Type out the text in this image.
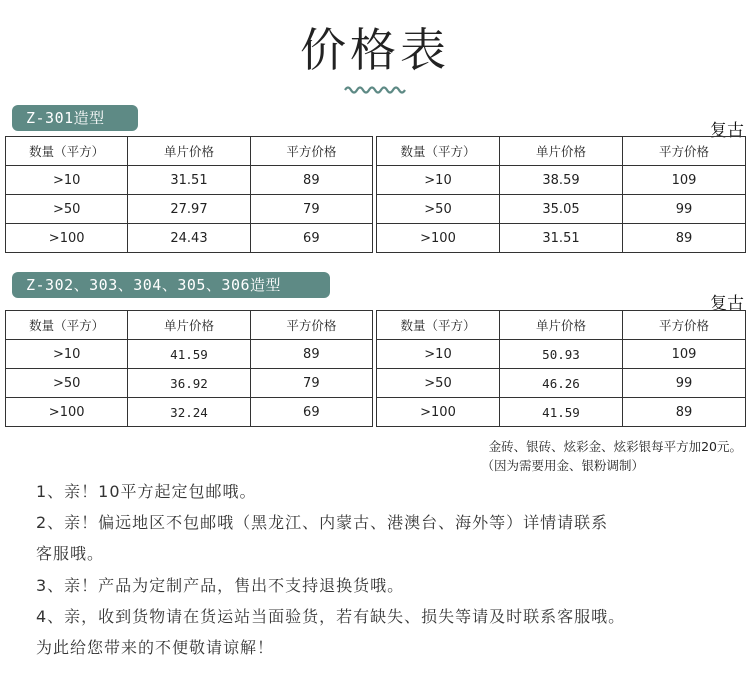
价格表
Z-301造型
复古
数量（平方）	单片价格	平方价格
>10	31.51	89
>50	27.97	79
>100	24.43	69
数量（平方）	单片价格	平方价格
>10	38.59	109
>50	35.05	99
>100	31.51	89
Z-302、303、304、305、306造型
复古
数量（平方）	单片价格	平方价格
>10	41.59	89
>50	36.92	79
>100	32.24	69
数量（平方）	单片价格	平方价格
>10	50.93	109
>50	46.26	99
>100	41.59	89
金砖、银砖、炫彩金、炫彩银每平方加20元。
（因为需要用金、银粉调制）
1、亲！10平方起定包邮哦。
2、亲！偏远地区不包邮哦（黑龙江、内蒙古、港澳台、海外等）详情请联系
客服哦。
3、亲！产品为定制产品，售出不支持退换货哦。
4、亲，收到货物请在货运站当面验货，若有缺失、损失等请及时联系客服哦。
为此给您带来的不便敬请谅解！
